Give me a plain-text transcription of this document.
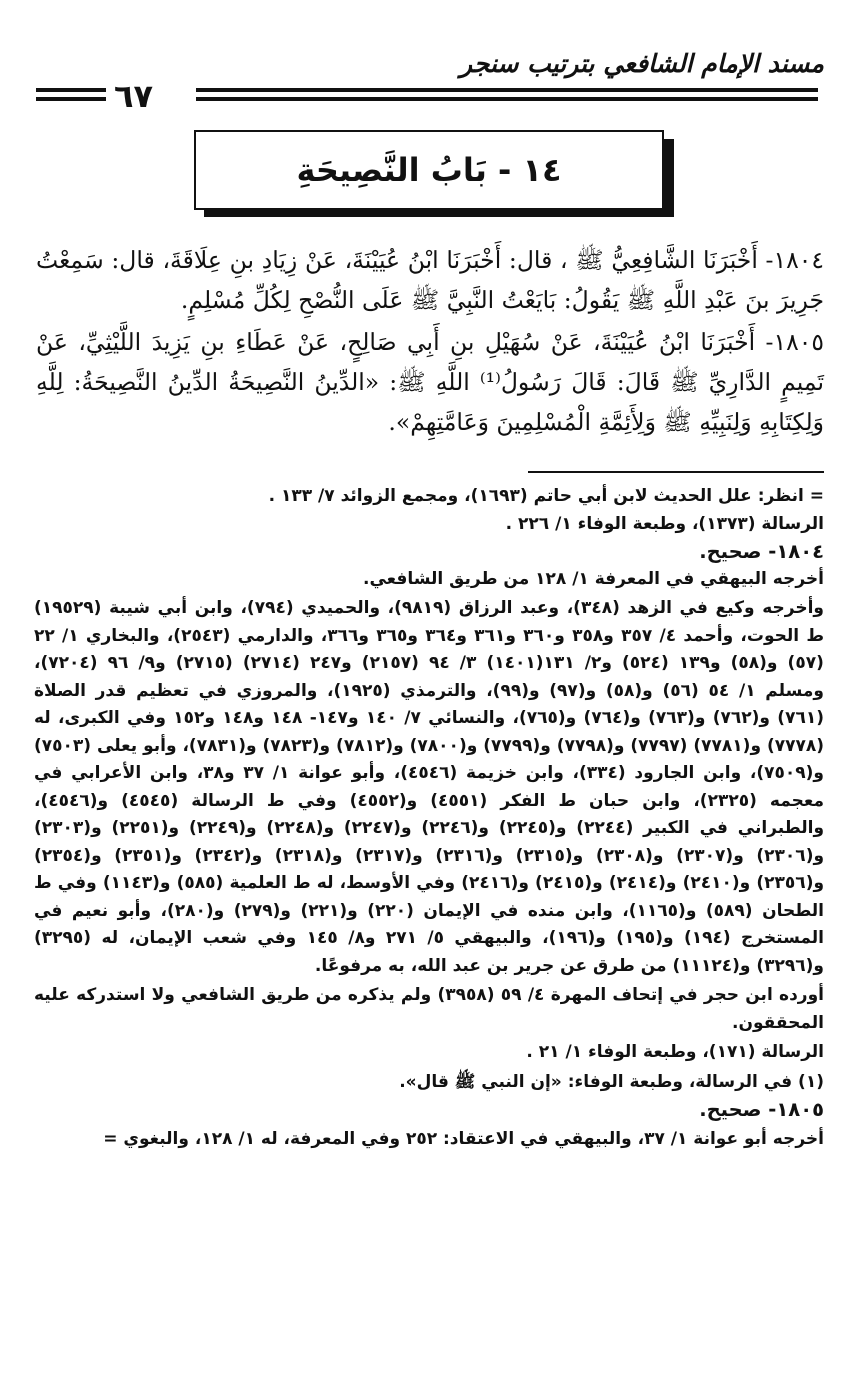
مسند الإمام الشافعي بترتيب سنجر
٦٧
١٤ - بَابُ النَّصِيحَةِ

١٨٠٤- أَخْبَرَنَا الشَّافِعِيُّ ﷺ ، قال: أَخْبَرَنَا ابْنُ عُيَيْنَةَ، عَنْ زِيَادِ بنِ عِلَاقَةَ، قال: سَمِعْتُ جَرِيرَ بنَ عَبْدِ اللَّهِ ﷺ يَقُولُ: بَايَعْتُ النَّبِيَّ ﷺ عَلَى النُّصْحِ لِكُلِّ مُسْلِمٍ.

١٨٠٥- أَخْبَرَنَا ابْنُ عُيَيْنَةَ، عَنْ سُهَيْلِ بنِ أَبِي صَالِحٍ، عَنْ عَطَاءِ بنِ يَزِيدَ اللَّيْثِيِّ، عَنْ تَمِيمٍ الدَّارِيِّ ﷺ قَالَ: قَالَ رَسُولُ⁽¹⁾ اللَّهِ ﷺ: «الدِّينُ النَّصِيحَةُ الدِّينُ النَّصِيحَةُ: لِلَّهِ وَلِكِتَابِهِ وَلِنَبِيِّهِ ﷺ وَلِأَئِمَّةِ الْمُسْلِمِينَ وَعَامَّتِهِمْ».

= انظر: علل الحديث لابن أبي حاتم (١٦٩٣)، ومجمع الزوائد ٧/ ١٣٣ .

الرسالة (١٣٧٣)، وطبعة الوفاء ١/ ٢٢٦ .

١٨٠٤- صحيح.

أخرجه البيهقي في المعرفة ١/ ١٢٨ من طريق الشافعي.

وأخرجه وكيع في الزهد (٣٤٨)، وعبد الرزاق (٩٨١٩)، والحميدي (٧٩٤)، وابن أبي شيبة (١٩٥٢٩) ط الحوت، وأحمد ٤/ ٣٥٧ و٣٥٨ و٣٦٠ و٣٦١ و٣٦٤ و٣٦٥ و٣٦٦، والدارمي (٢٥٤٣)، والبخاري ١/ ٢٢ (٥٧) و(٥٨) و١٣٩ (٥٢٤) و٢/ ١٣١(١٤٠١) ٣/ ٩٤ (٢١٥٧) و٢٤٧ (٢٧١٤) (٢٧١٥) و٩/ ٩٦ (٧٢٠٤)، ومسلم ١/ ٥٤ (٥٦) و(٥٨) و(٩٧) و(٩٩)، والترمذي (١٩٢٥)، والمروزي في تعظيم قدر الصلاة (٧٦١) و(٧٦٢) و(٧٦٣) و(٧٦٤) و(٧٦٥)، والنسائي ٧/ ١٤٠ و١٤٧- ١٤٨ و١٤٨ و١٥٢ وفي الكبرى، له (٧٧٧٨) و(٧٧٨١) (٧٧٩٧) و(٧٧٩٨) و(٧٧٩٩) و(٧٨٠٠) و(٧٨١٢) و(٧٨٢٣) و(٧٨٣١)، وأبو يعلى (٧٥٠٣) و(٧٥٠٩)، وابن الجارود (٣٣٤)، وابن خزيمة (٤٥٤٦)، وأبو عوانة ١/ ٣٧ و٣٨، وابن الأعرابي في معجمه (٢٣٢٥)، وابن حبان ط الفكر (٤٥٥١) و(٤٥٥٢) وفي ط الرسالة (٤٥٤٥) و(٤٥٤٦)، والطبراني في الكبير (٢٢٤٤) و(٢٢٤٥) و(٢٢٤٦) و(٢٢٤٧) و(٢٢٤٨) و(٢٢٤٩) و(٢٢٥١) و(٢٣٠٣) و(٢٣٠٦) و(٢٣٠٧) و(٢٣٠٨) و(٢٣١٥) و(٢٣١٦) و(٢٣١٧) و(٢٣١٨) و(٢٣٤٢) و(٢٣٥١) و(٢٣٥٤) و(٢٣٥٦) و(٢٤١٠) و(٢٤١٤) و(٢٤١٥) و(٢٤١٦) وفي الأوسط، له ط العلمية (٥٨٥) و(١١٤٣) وفي ط الطحان (٥٨٩) و(١١٦٥)، وابن منده في الإيمان (٢٢٠) و(٢٢١) و(٢٧٩) و(٢٨٠)، وأبو نعيم في المستخرج (١٩٤) و(١٩٥) و(١٩٦)، والبيهقي ٥/ ٢٧١ و٨/ ١٤٥ وفي شعب الإيمان، له (٣٢٩٥) و(٣٢٩٦) و(١١١٢٤) من طرق عن جرير بن عبد الله، به مرفوعًا.

أورده ابن حجر في إتحاف المهرة ٤/ ٥٩ (٣٩٥٨) ولم يذكره من طريق الشافعي ولا استدركه عليه المحققون.

الرسالة (١٧١)، وطبعة الوفاء ١/ ٢١ .

(١) في الرسالة، وطبعة الوفاء: «إن النبي ﷺ قال».

١٨٠٥- صحيح.

أخرجه أبو عوانة ١/ ٣٧، والبيهقي في الاعتقاد: ٢٥٢ وفي المعرفة، له ١/ ١٢٨، والبغوي =
